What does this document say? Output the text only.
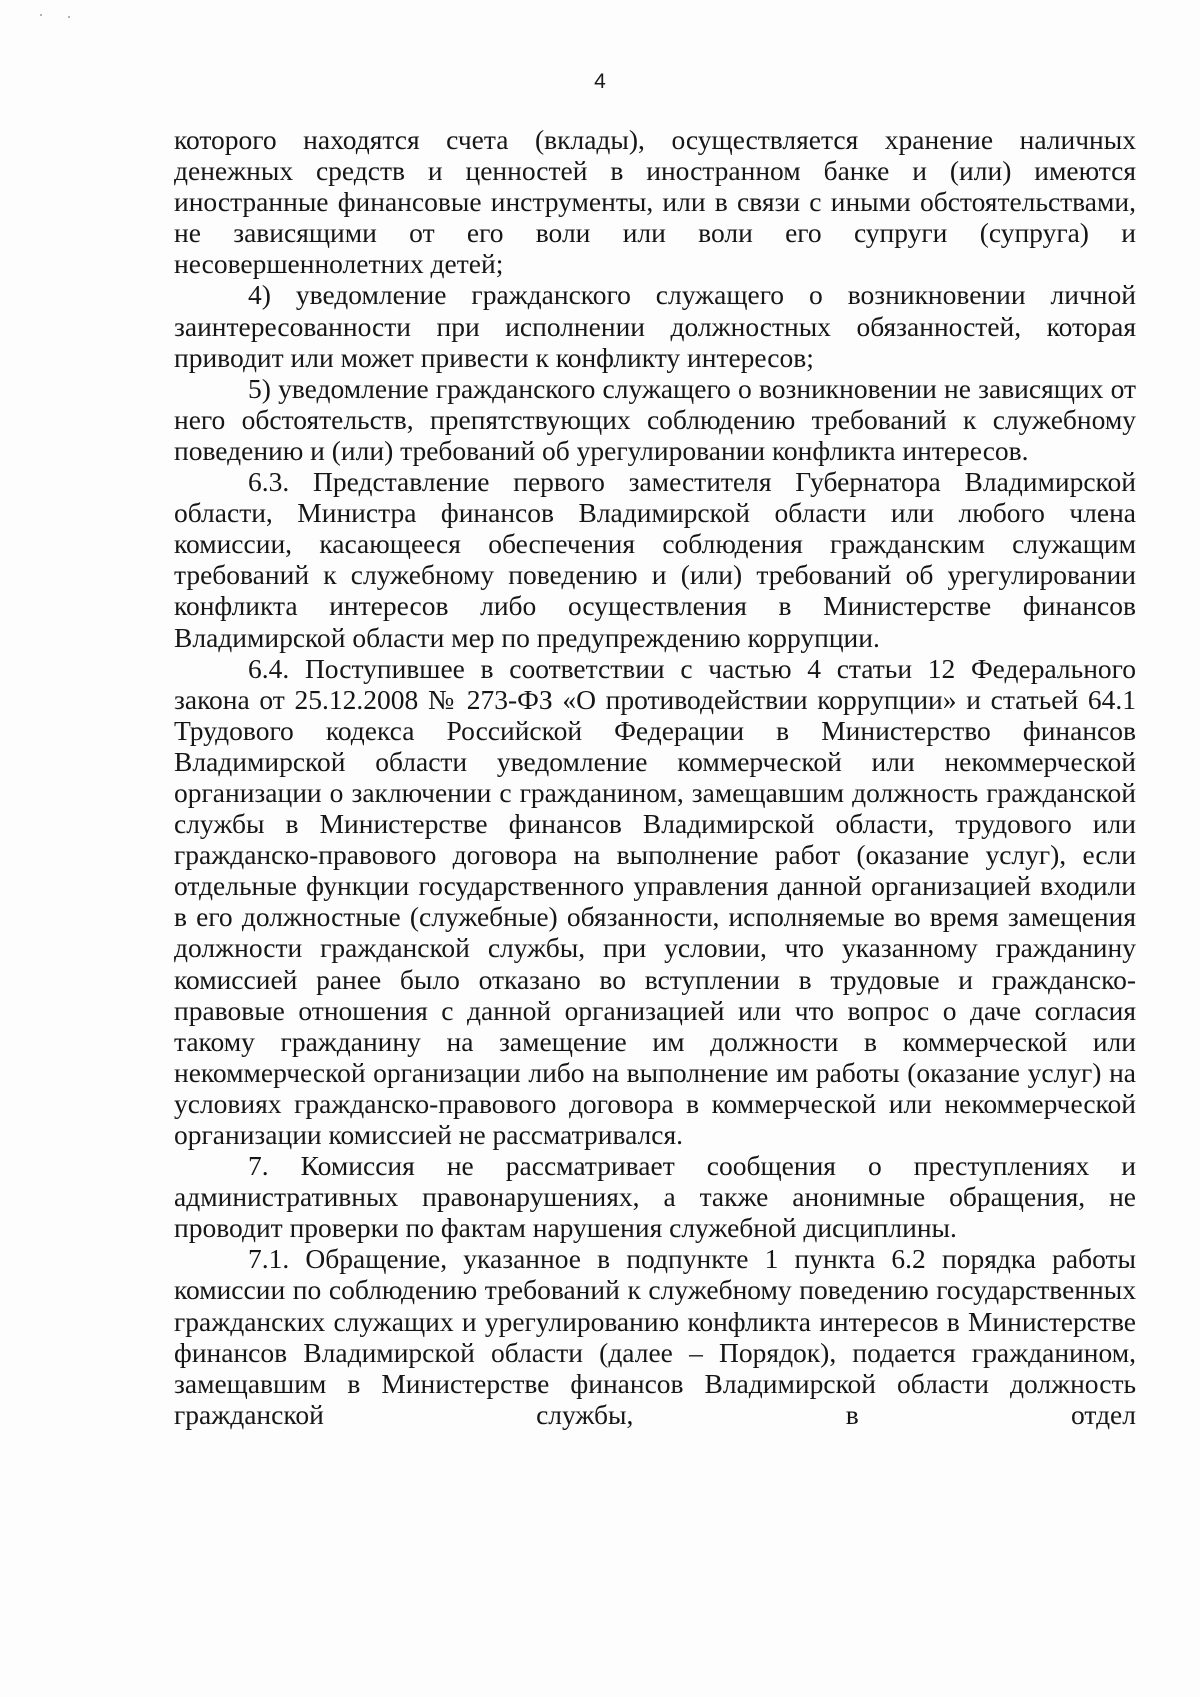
4

которого находятся счета (вклады), осуществляется хранение наличных денежных средств и ценностей в иностранном банке и (или) имеются иностранные финансовые инструменты, или в связи с иными обстоятельствами, не зависящими от его воли или воли его супруги (супруга) и несовершеннолетних детей;

4) уведомление гражданского служащего о возникновении личной заинтересованности при исполнении должностных обязанностей, которая приводит или может привести к конфликту интересов;

5) уведомление гражданского служащего о возникновении не зависящих от него обстоятельств, препятствующих соблюдению требований к служебному поведению и (или) требований об урегулировании конфликта интересов.

6.3. Представление первого заместителя Губернатора Владимирской области, Министра финансов Владимирской области или любого члена комиссии, касающееся обеспечения соблюдения гражданским служащим требований к служебному поведению и (или) требований об урегулировании конфликта интересов либо осуществления в Министерстве финансов Владимирской области мер по предупреждению коррупции.

6.4. Поступившее в соответствии с частью 4 статьи 12 Федерального закона от 25.12.2008 № 273-ФЗ «О противодействии коррупции» и статьей 64.1 Трудового кодекса Российской Федерации в Министерство финансов Владимирской области уведомление коммерческой или некоммерческой организации о заключении с гражданином, замещавшим должность гражданской службы в Министерстве финансов Владимирской области, трудового или гражданско-правового договора на выполнение работ (оказание услуг), если отдельные функции государственного управления данной организацией входили в его должностные (служебные) обязанности, исполняемые во время замещения должности гражданской службы, при условии, что указанному гражданину комиссией ранее было отказано во вступлении в трудовые и гражданско-правовые отношения с данной организацией или что вопрос о даче согласия такому гражданину на замещение им должности в коммерческой или некоммерческой организации либо на выполнение им работы (оказание услуг) на условиях гражданско-правового договора в коммерческой или некоммерческой организации комиссией не рассматривался.

7. Комиссия не рассматривает сообщения о преступлениях и административных правонарушениях, а также анонимные обращения, не проводит проверки по фактам нарушения служебной дисциплины.

7.1. Обращение, указанное в подпункте 1 пункта 6.2 порядка работы комиссии по соблюдению требований к служебному поведению государственных гражданских служащих и урегулированию конфликта интересов в Министерстве финансов Владимирской области (далее – Порядок), подается гражданином, замещавшим в Министерстве финансов Владимирской области должность гражданской службы, в отдел
